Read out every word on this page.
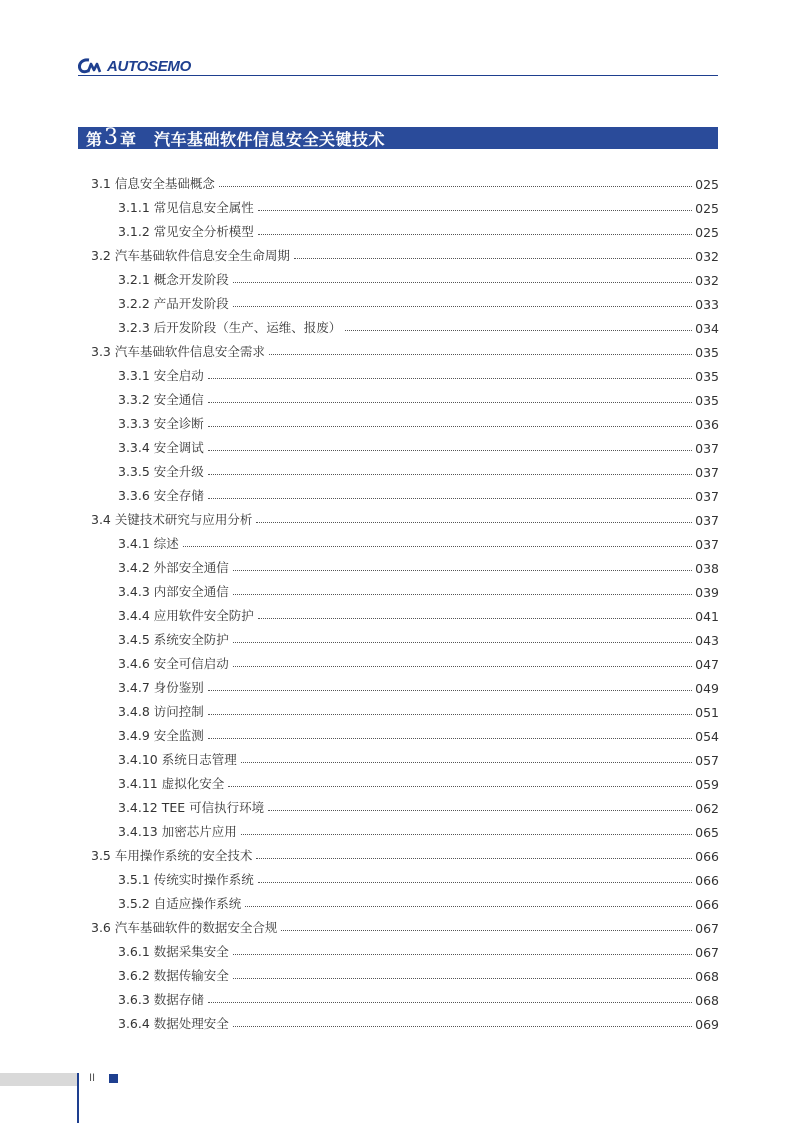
AUTOSEMO
第 3 章 汽车基础软件信息安全关键技术
3.1 信息安全基础概念	025
3.1.1 常见信息安全属性	025
3.1.2 常见安全分析模型	025
3.2 汽车基础软件信息安全生命周期	032
3.2.1 概念开发阶段	032
3.2.2 产品开发阶段	033
3.2.3 后开发阶段（生产、运维、报废）	034
3.3 汽车基础软件信息安全需求	035
3.3.1 安全启动	035
3.3.2 安全通信	035
3.3.3 安全诊断	036
3.3.4 安全调试	037
3.3.5 安全升级	037
3.3.6 安全存储	037
3.4 关键技术研究与应用分析	037
3.4.1 综述	037
3.4.2 外部安全通信	038
3.4.3 内部安全通信	039
3.4.4 应用软件安全防护	041
3.4.5 系统安全防护	043
3.4.6 安全可信启动	047
3.4.7 身份鉴别	049
3.4.8 访问控制	051
3.4.9 安全监测	054
3.4.10 系统日志管理	057
3.4.11 虚拟化安全	059
3.4.12 TEE 可信执行环境	062
3.4.13 加密芯片应用	065
3.5 车用操作系统的安全技术	066
3.5.1 传统实时操作系统	066
3.5.2 自适应操作系统	066
3.6 汽车基础软件的数据安全合规	067
3.6.1 数据采集安全	067
3.6.2 数据传输安全	068
3.6.3 数据存储	068
3.6.4 数据处理安全	069
II
